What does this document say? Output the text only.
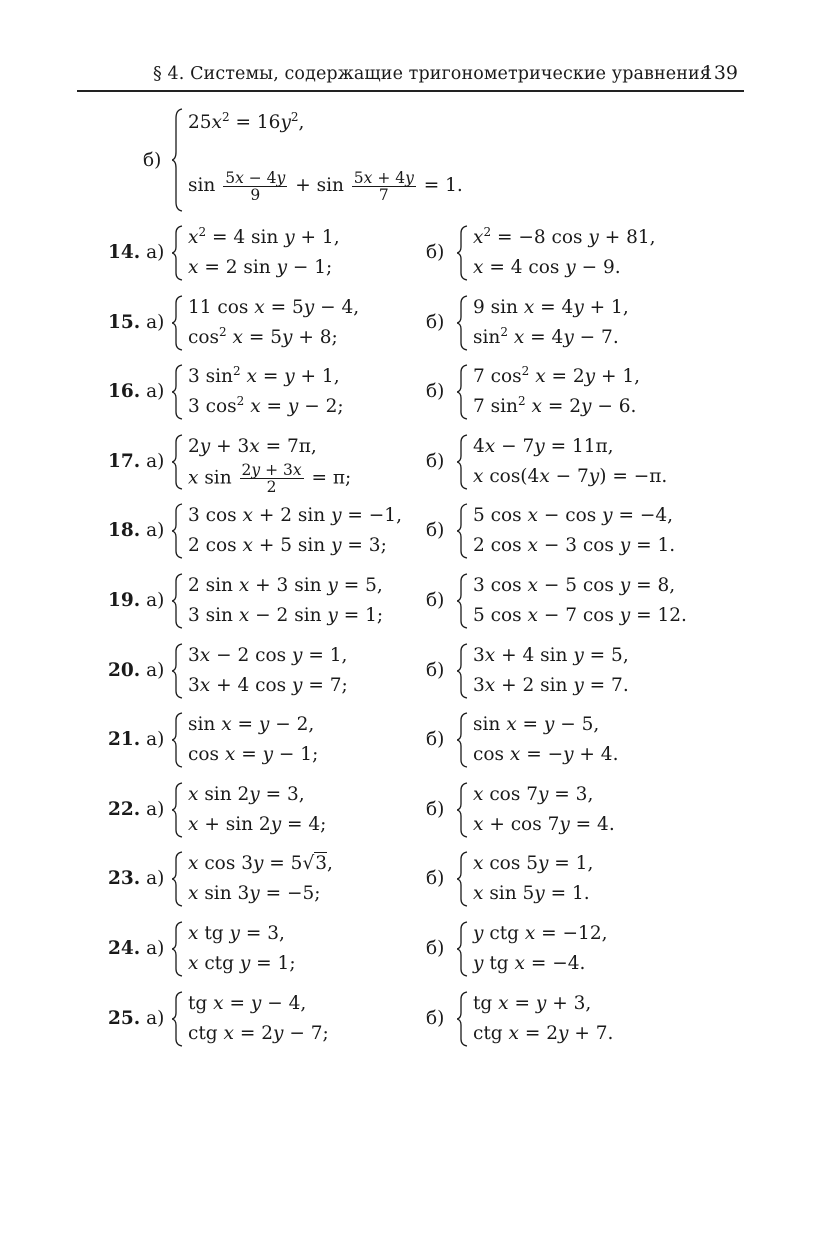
§ 4. Системы, содержащие тригонометрические уравнения
139
б)
$25x^2 = 16y^2$,
$\sin \frac{5x - 4y}{9} + \sin \frac{5x + 4y}{7} = 1$.
14. а)
$x^2 = 4$ sin y + 1,
x = 2 sin y − 1;
б)
$x^2 = -8$ cos y + 81,
x = 4 cos y − 9.
15. а)
11 cos x = 5y − 4,
$\cos^2 x = 5y + 8$;
б)
9 sin x = 4y + 1,
$\sin^2 x = 4y - 7$.
16. а)
3 $\sin^2 x = y + 1$,
3 $\cos^2 x = y - 2$;
б)
7 $\cos^2 x = 2y + 1$,
7 $\sin^2 x = 2y - 6$.
17. а)
2y + 3x = 7π,
x $\sin \frac{2y + 3x}{2} = \pi$;
б)
4x − 7y = 11π,
x cos(4x − 7y) = −π.
18. а)
3 cos x + 2 sin y = −1,
2 cos x + 5 sin y = 3;
б)
5 cos x − cos y = −4,
2 cos x − 3 cos y = 1.
19. а)
2 sin x + 3 sin y = 5,
3 sin x − 2 sin y = 1;
б)
3 cos x − 5 cos y = 8,
5 cos x − 7 cos y = 12.
20. а)
3x − 2 cos y = 1,
3x + 4 cos y = 7;
б)
3x + 4 sin y = 5,
3x + 2 sin y = 7.
21. а)
sin x = y − 2,
cos x = y − 1;
б)
sin x = y − 5,
cos x = −y + 4.
22. а)
x sin 2y = 3,
x + sin 2y = 4;
б)
x cos 7y = 3,
x + cos 7y = 4.
23. а)
x cos 3y = 5√3,
x sin 3y = −5;
б)
x cos 5y = 1,
x sin 5y = 1.
24. а)
x tg y = 3,
x ctg y = 1;
б)
y ctg x = −12,
y tg x = −4.
25. а)
tg x = y − 4,
ctg x = 2y − 7;
б)
tg x = y + 3,
ctg x = 2y + 7.
